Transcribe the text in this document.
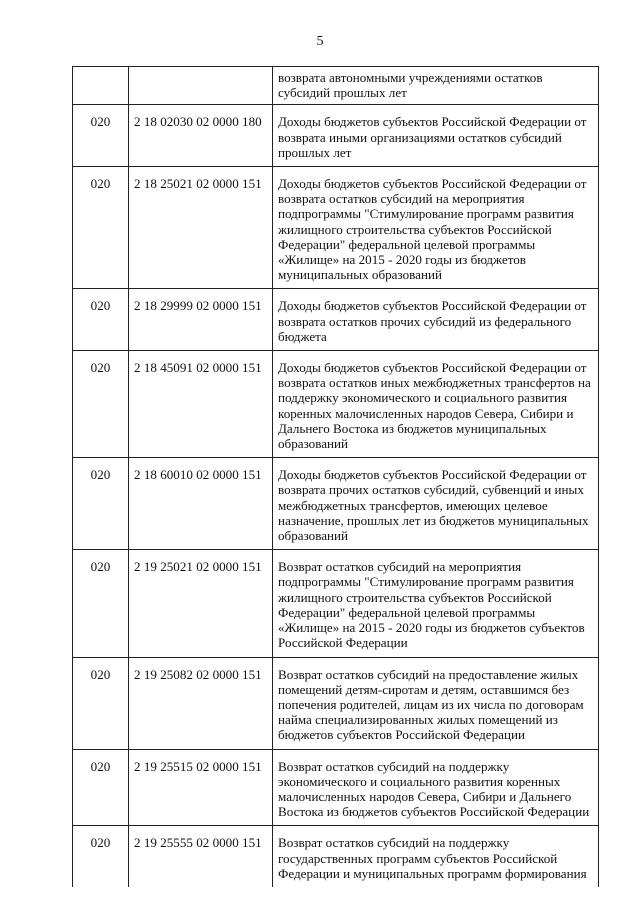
5
		возврата автономными учреждениями остатков субсидий прошлых лет
020	2 18 02030 02 0000 180	Доходы бюджетов субъектов Российской Федерации от возврата иными организациями остатков субсидий прошлых лет
020	2 18 25021 02 0000 151	Доходы бюджетов субъектов Российской Федерации от возврата остатков субсидий на мероприятия подпрограммы "Стимулирование программ развития жилищного строительства субъектов Российской Федерации" федеральной целевой программы «Жилище» на 2015 - 2020 годы из бюджетов муниципальных образований
020	2 18 29999 02 0000 151	Доходы бюджетов субъектов Российской Федерации от возврата остатков прочих субсидий из федерального бюджета
020	2 18 45091 02 0000 151	Доходы бюджетов субъектов Российской Федерации от возврата остатков иных межбюджетных трансфертов на поддержку экономического и социального развития коренных малочисленных народов Севера, Сибири и Дальнего Востока из бюджетов муниципальных образований
020	2 18 60010 02 0000 151	Доходы бюджетов субъектов Российской Федерации от возврата прочих остатков субсидий, субвенций и иных межбюджетных трансфертов, имеющих целевое назначение, прошлых лет из бюджетов муниципальных образований
020	2 19 25021 02 0000 151	Возврат остатков субсидий на мероприятия подпрограммы "Стимулирование программ развития жилищного строительства субъектов Российской Федерации" федеральной целевой программы «Жилище» на 2015 - 2020 годы из бюджетов субъектов Российской Федерации
020	2 19 25082 02 0000 151	Возврат остатков субсидий на предоставление жилых помещений детям-сиротам и детям, оставшимся без попечения родителей, лицам из их числа по договорам найма специализированных жилых помещений из бюджетов субъектов Российской Федерации
020	2 19 25515 02 0000 151	Возврат остатков субсидий на поддержку экономического и социального развития коренных малочисленных народов Севера, Сибири и Дальнего Востока из бюджетов субъектов Российской Федерации
020	2 19 25555 02 0000 151	Возврат остатков субсидий на поддержку государственных программ субъектов Российской Федерации и муниципальных программ формирования
